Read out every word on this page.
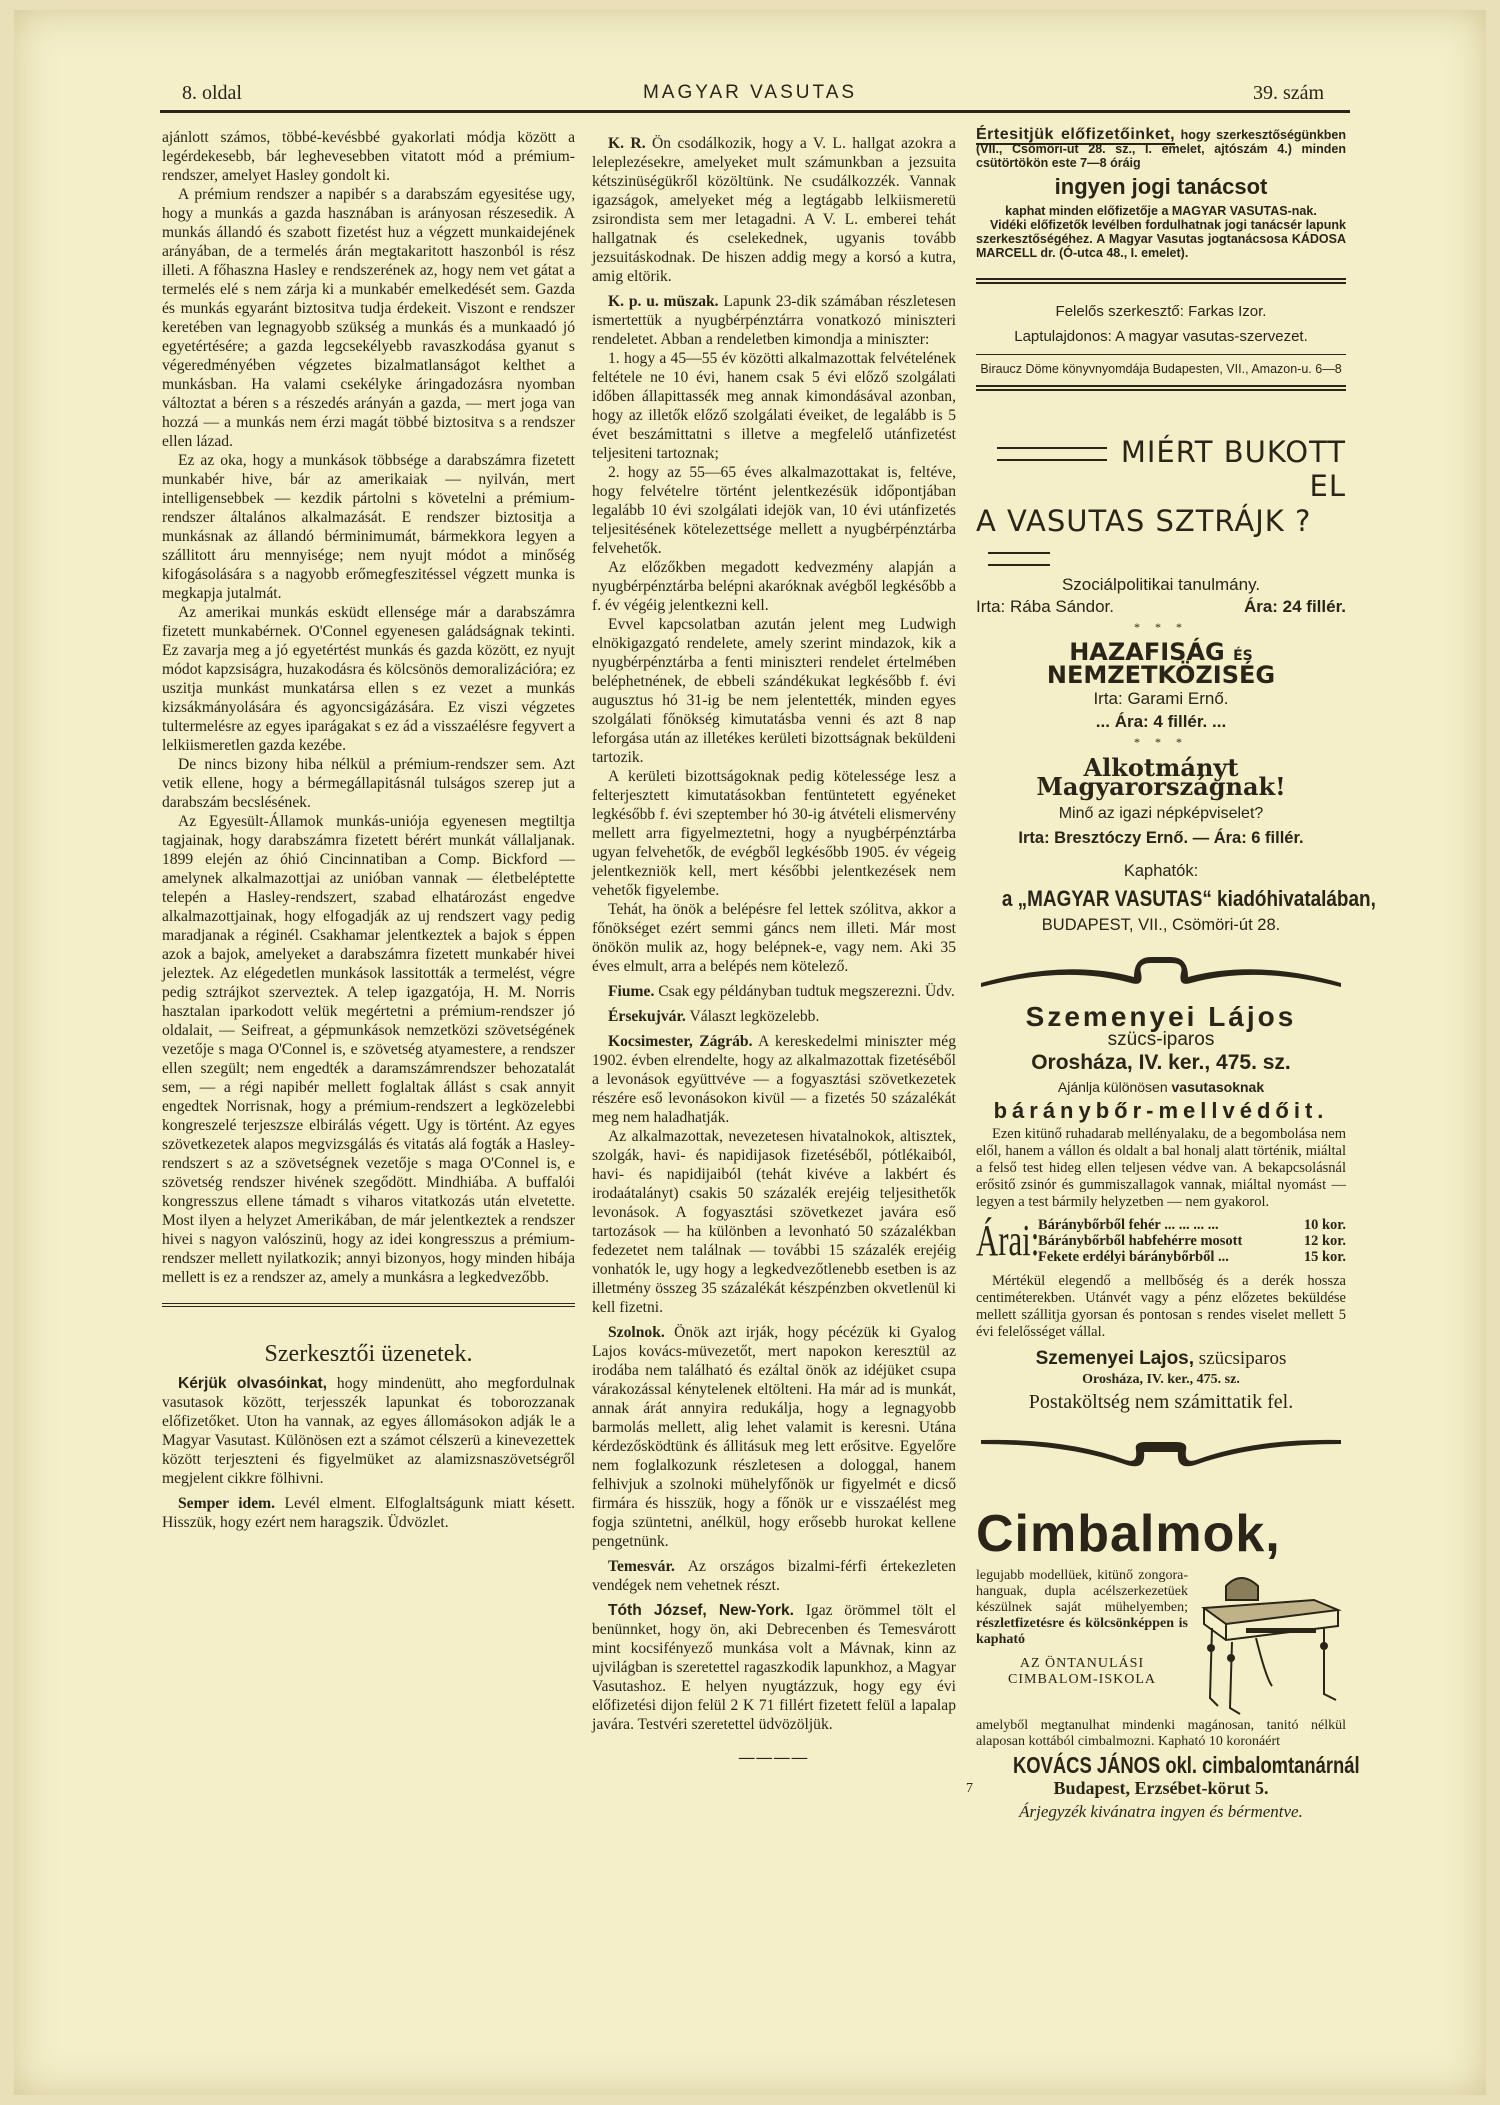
8. oldal	MAGYAR VASUTAS	39. szám

ajánlott számos, többé-kevésbbé gyakorlati módja között a legérdekesebb, bár leghevesebben vitatott mód a prémium-rendszer, amelyet Hasley gondolt ki.

A prémium rendszer a napibér s a darabszám egyesitése ugy, hogy a munkás a gazda hasznában is arányosan részesedik. A munkás állandó és szabott fizetést huz a végzett munkaidejének arányában, de a termelés árán megtakaritott haszonból is rész illeti. A főhaszna Hasley e rendszerének az, hogy nem vet gátat a termelés elé s nem zárja ki a munkabér emelkedését sem. Gazda és munkás egyaránt biztositva tudja érdekeit. Viszont e rendszer keretében van legnagyobb szükség a munkás és a munkaadó jó egyetértésére; a gazda legcsekélyebb ravaszkodása gyanut s végeredményében végzetes bizalmatlanságot kelthet a munkásban. Ha valami csekélyke áringadozásra nyomban változtat a béren s a részedés arányán a gazda, — mert joga van hozzá — a munkás nem érzi magát többé biztositva s a rendszer ellen lázad.

Ez az oka, hogy a munkások többsége a darabszámra fizetett munkabér hive, bár az amerikaiak — nyilván, mert intelligensebbek — kezdik pártolni s követelni a prémium-rendszer általános alkalmazását. E rendszer biztositja a munkásnak az állandó bérminimumát, bármekkora legyen a szállitott áru mennyisége; nem nyujt módot a minőség kifogásolására s a nagyobb erőmegfeszitéssel végzett munka is megkapja jutalmát.

Az amerikai munkás esküdt ellensége már a darabszámra fizetett munkabérnek. O'Connel egyenesen galádságnak tekinti. Ez zavarja meg a jó egyetértést munkás és gazda között, ez nyujt módot kapzsiságra, huzakodásra és kölcsönös demoralizációra; ez uszitja munkást munkatársa ellen s ez vezet a munkás kizsákmányolására és agyoncsigázására. Ez viszi végzetes tultermelésre az egyes iparágakat s ez ád a visszaélésre fegyvert a lelkiismeretlen gazda kezébe.

De nincs bizony hiba nélkül a prémium-rendszer sem. Azt vetik ellene, hogy a bérmegállapitásnál tulságos szerep jut a darabszám becslésének.

Az Egyesült-Államok munkás-uniója egyenesen megtiltja tagjainak, hogy darabszámra fizetett bérért munkát vállaljanak. 1899 elején az óhió Cincinnatiban a Comp. Bickford — amelynek alkalmazottjai az unióban vannak — életbeléptette telepén a Hasley-rendszert, szabad elhatározást engedve alkalmazottjainak, hogy elfogadják az uj rendszert vagy pedig maradjanak a réginél. Csakhamar jelentkeztek a bajok s éppen azok a bajok, amelyeket a darabszámra fizetett munkabér hivei jeleztek. Az elégedetlen munkások lassitották a termelést, végre pedig sztrájkot szerveztek. A telep igazgatója, H. M. Norris hasztalan iparkodott velük megértetni a prémium-rendszer jó oldalait, — Seifreat, a gépmunkások nemzetközi szövetségének vezetője s maga O'Connel is, e szövetség atyamestere, a rendszer ellen szegült; nem engedték a daramszámrendszer behozatalát sem, — a régi napibér mellett foglaltak állást s csak annyit engedtek Norrisnak, hogy a prémium-rendszert a legközelebbi kongreszelé terjeszsze elbirálás végett. Ugy is történt. Az egyes szövetkezetek alapos megvizsgálás és vitatás alá fogták a Hasley-rendszert s az a szövetségnek vezetője s maga O'Connel is, e szövetség rendszer hivének szegődött. Mindhiába. A buffalói kongresszus ellene támadt s viharos vitatkozás után elvetette. Most ilyen a helyzet Amerikában, de már jelentkeztek a rendszer hivei s nagyon valószinü, hogy az idei kongresszus a prémium-rendszer mellett nyilatkozik; annyi bizonyos, hogy minden hibája mellett is ez a rendszer az, amely a munkásra a legkedvezőbb.

Szerkesztői üzenetek.

Kérjük olvasóinkat, hogy mindenütt, aho megfordulnak vasutasok között, terjesszék lapunkat és toborozzanak előfizetőket. Uton ha vannak, az egyes állomásokon adják le a Magyar Vasutast. Különösen ezt a számot célszerü a kinevezettek között terjeszteni és figyelmüket az alamizsnaszövetségről megjelent cikkre fölhivni.

Semper idem. Levél elment. Elfoglaltságunk miatt késett. Hisszük, hogy ezért nem haragszik. Üdvözlet.

K. R. Ön csodálkozik, hogy a V. L. hallgat azokra a leleplezésekre, amelyeket mult számunkban a jezsuita kétszinüségükről közöltünk. Ne csudálkozzék. Vannak igazságok, amelyeket még a legtágabb lelkiismeretü zsirondista sem mer letagadni. A V. L. emberei tehát hallgatnak és cselekednek, ugyanis tovább jezsuitáskodnak. De hiszen addig megy a korsó a kutra, amig eltörik.

K. p. u. müszak. Lapunk 23-dik számában részletesen ismertettük a nyugbérpénztárra vonatkozó miniszteri rendeletet. Abban a rendeletben kimondja a miniszter:

1. hogy a 45—55 év közötti alkalmazottak felvételének feltétele ne 10 évi, hanem csak 5 évi előző szolgálati időben állapittassék meg annak kimondásával azonban, hogy az illetők előző szolgálati éveiket, de legalább is 5 évet beszámittatni s illetve a megfelelő utánfizetést teljesiteni tartoznak;

2. hogy az 55—65 éves alkalmazottakat is, feltéve, hogy felvételre történt jelentkezésük időpontjában legalább 10 évi szolgálati idejök van, 10 évi utánfizetés teljesitésének kötelezettsége mellett a nyugbérpénztárba felvehetők.

Az előzőkben megadott kedvezmény alapján a nyugbérpénztárba belépni akaróknak avégből legkésőbb a f. év végéig jelentkezni kell.

Evvel kapcsolatban azután jelent meg Ludwigh elnökigazgató rendelete, amely szerint mindazok, kik a nyugbérpénztárba a fenti miniszteri rendelet értelmében beléphetnének, de ebbeli szándékukat legkésőbb f. évi augusztus hó 31-ig be nem jelentették, minden egyes szolgálati főnökség kimutatásba venni és azt 8 nap leforgása után az illetékes kerületi bizottságnak beküldeni tartozik.

A kerületi bizottságoknak pedig kötelessége lesz a felterjesztett kimutatásokban fentüntetett egyéneket legkésőbb f. évi szeptember hó 30-ig átvételi elismervény mellett arra figyelmeztetni, hogy a nyugbérpénztárba ugyan felvehetők, de evégből legkésőbb 1905. év végeig jelentkezniök kell, mert későbbi jelentkezések nem vehetők figyelembe.

Tehát, ha önök a belépésre fel lettek szólitva, akkor a főnökséget ezért semmi gáncs nem illeti. Már most önökön mulik az, hogy belépnek-e, vagy nem. Aki 35 éves elmult, arra a belépés nem kötelező.

Fiume. Csak egy példányban tudtuk megszerezni. Üdv.

Érsekujvár. Választ legközelebb.

Kocsimester, Zágráb. A kereskedelmi miniszter még 1902. évben elrendelte, hogy az alkalmazottak fizetéséből a levonások együttvéve — a fogyasztási szövetkezetek részére eső levonásokon kivül — a fizetés 50 százalékát meg nem haladhatják.

Az alkalmazottak, nevezetesen hivatalnokok, altisztek, szolgák, havi- és napidijasok fizetéséből, pótlékaiból, havi- és napidijaiból (tehát kivéve a lakbért és irodaátalányt) csakis 50 százalék erejéig teljesithetők levonások. A fogyasztási szövetkezet javára eső tartozások — ha különben a levonható 50 százalékban fedezetet nem találnak — további 15 százalék erejéig vonhatók le, ugy hogy a legkedvezőtlenebb esetben is az illetmény összeg 35 százalékát készpénzben okvetlenül ki kell fizetni.

Szolnok. Önök azt irják, hogy pécézük ki Gyalog Lajos kovács-müvezetőt, mert napokon keresztül az irodába nem található és ezáltal önök az idéjüket csupa várakozással kénytelenek eltölteni. Ha már ad is munkát, annak árát annyira redukálja, hogy a legnagyobb barmolás mellett, alig lehet valamit is keresni. Utána kérdezősködtünk és állitásuk meg lett erősitve. Egyelőre nem foglalkozunk részletesen a dologgal, hanem felhivjuk a szolnoki mühelyfőnök ur figyelmét e dicső firmára és hisszük, hogy a főnök ur e visszaélést meg fogja szüntetni, anélkül, hogy erősebb hurokat kellene pengetnünk.

Temesvár. Az országos bizalmi-férfi értekezleten vendégek nem vehetnek részt.

Tóth József, New-York. Igaz örömmel tölt el benünnket, hogy ön, aki Debrecenben és Temesvárott mint kocsifényező munkása volt a Mávnak, kinn az ujvilágban is szeretettel ragaszkodik lapunkhoz, a Magyar Vasutashoz. E helyen nyugtázzuk, hogy egy évi előfizetési dijon felül 2 K 71 fillért fizetett felül a lapalap javára. Testvéri szeretettel üdvözöljük.

————
Értesitjük előfizetőinket, hogy szerkesztőségünkben (VII., Csömöri-ut 28. sz., I. emelet, ajtószám 4.) minden csütörtökön este 7—8 óráig
ingyen jogi tanácsot
kaphat minden előfizetője a MAGYAR VASUTAS-nak.
Vidéki előfizetők levélben fordulhatnak jogi tanácsér lapunk szerkesztőségéhez. A Magyar Vasutas jogtanácsosa KÁDOSA MARCELL dr. (Ó-utca 48., I. emelet).
Felelős szerkesztő: Farkas Izor.
Laptulajdonos: A magyar vasutas-szervezet.
Biraucz Döme könyvnyomdája Budapesten, VII., Amazon-u. 6—8
MIÉRT BUKOTT EL
A VASUTAS SZTRÁJK ?
Szociálpolitikai tanulmány.
Irta: Rába Sándor.	Ára: 24 fillér.
* * *
HAZAFISÁG ÉS NEMZETKÖZISÉG
Irta: Garami Ernő.
... Ára: 4 fillér. ...
* * *
Alkotmányt Magyarországnak!
Minő az igazi népképviselet?
Irta: Bresztóczy Ernő. — Ára: 6 fillér.
Kaphatók:
a „MAGYAR VASUTAS“ kiadóhivatalában,
BUDAPEST, VII., Csömöri-út 28.
Szemenyei Lájos
szücs-iparos
Orosháza, IV. ker., 475. sz.
Ajánlja különösen vasutasoknak
báránybőr-mellvédőit.

Ezen kitünő ruhadarab mellényalaku, de a begombolása nem elől, hanem a vállon és oldalt a bal honalj alatt történik, miáltal a felső test hideg ellen teljesen védve van. A bekapcsolásnál erősitő zsinór és gummiszallagok vannak, miáltal nyomást — legyen a test bármily helyzetben — nem gyakorol.

Árai:
Báránybőrből fehér ... ... ... ...	10 kor.
Báránybőrből habfehérre mosott	12 kor.
Fekete erdélyi báránybőrből ...	15 kor.

Mértékül elegendő a mellbőség és a derék hossza centiméterekben. Utánvét vagy a pénz előzetes beküldése mellett szállitja gyorsan és pontosan s rendes viselet mellett 5 évi felelősséget vállal.

Szemenyei Lajos, szücsiparos
Orosháza, IV. ker., 475. sz.
Postaköltség nem számittatik fel.
Cimbalmok,
legujabb modellüek, kitünő zongora-hanguak, dupla acélszerkezetüek készülnek saját mühelyemben; részletfizetésre és kölcsönképpen is kapható
AZ ÖNTANULÁSI CIMBALOM-ISKOLA
amelyből megtanulhat mindenki magánosan, tanitó nélkül alaposan kottából cimbalmozni. Kapható 10 koronáért
KOVÁCS JÁNOS okl. cimbalomtanárnál
7	Budapest, Erzsébet-körut 5.
Árjegyzék kivánatra ingyen és bérmentve.
